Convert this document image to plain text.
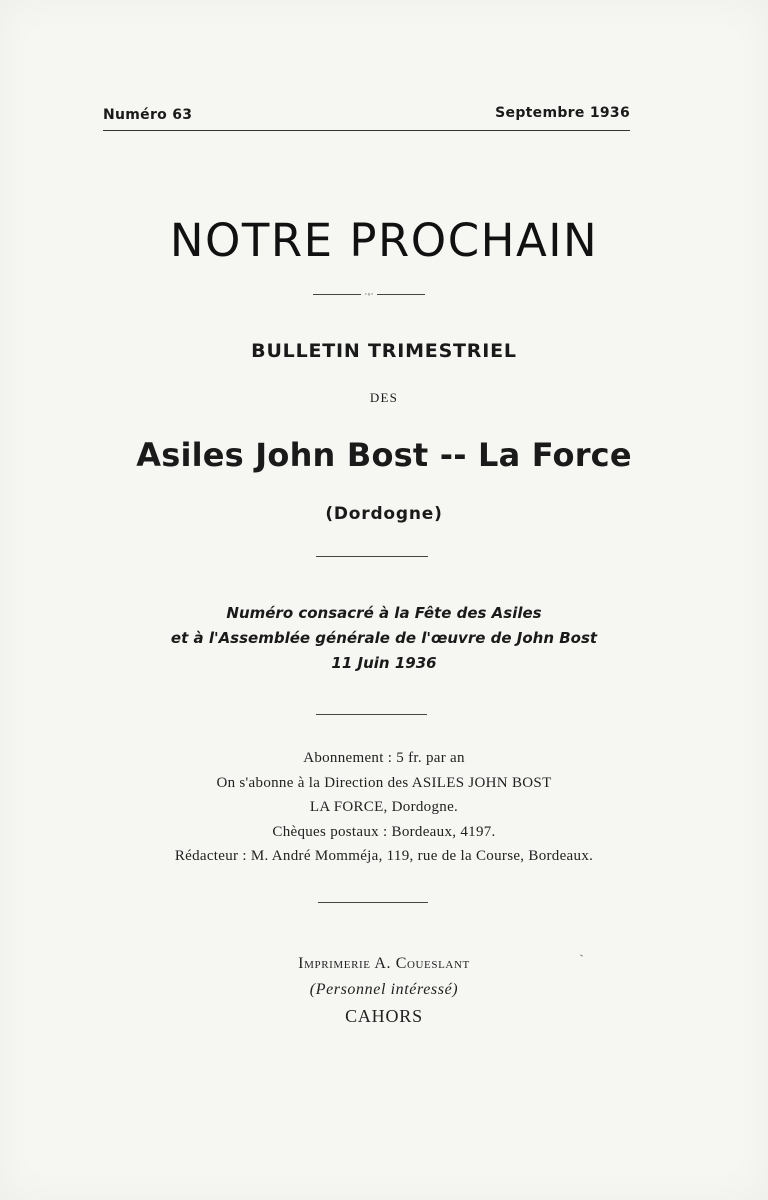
Numéro 63	Septembre 1936
NOTRE PROCHAIN
·◦·
BULLETIN TRIMESTRIEL
DES
Asiles John Bost -- La Force
(Dordogne)
Numéro consacré à la Fête des Asiles
et à l'Assemblée générale de l'œuvre de John Bost
11 Juin 1936
Abonnement : 5 fr. par an
On s'abonne à la Direction des ASILES JOHN BOST
LA FORCE, Dordogne.
Chèques postaux : Bordeaux, 4197.
Rédacteur : M. André Momméja, 119, rue de la Course, Bordeaux.
Imprimerie A. Coueslant
(Personnel intéressé)
CAHORS
